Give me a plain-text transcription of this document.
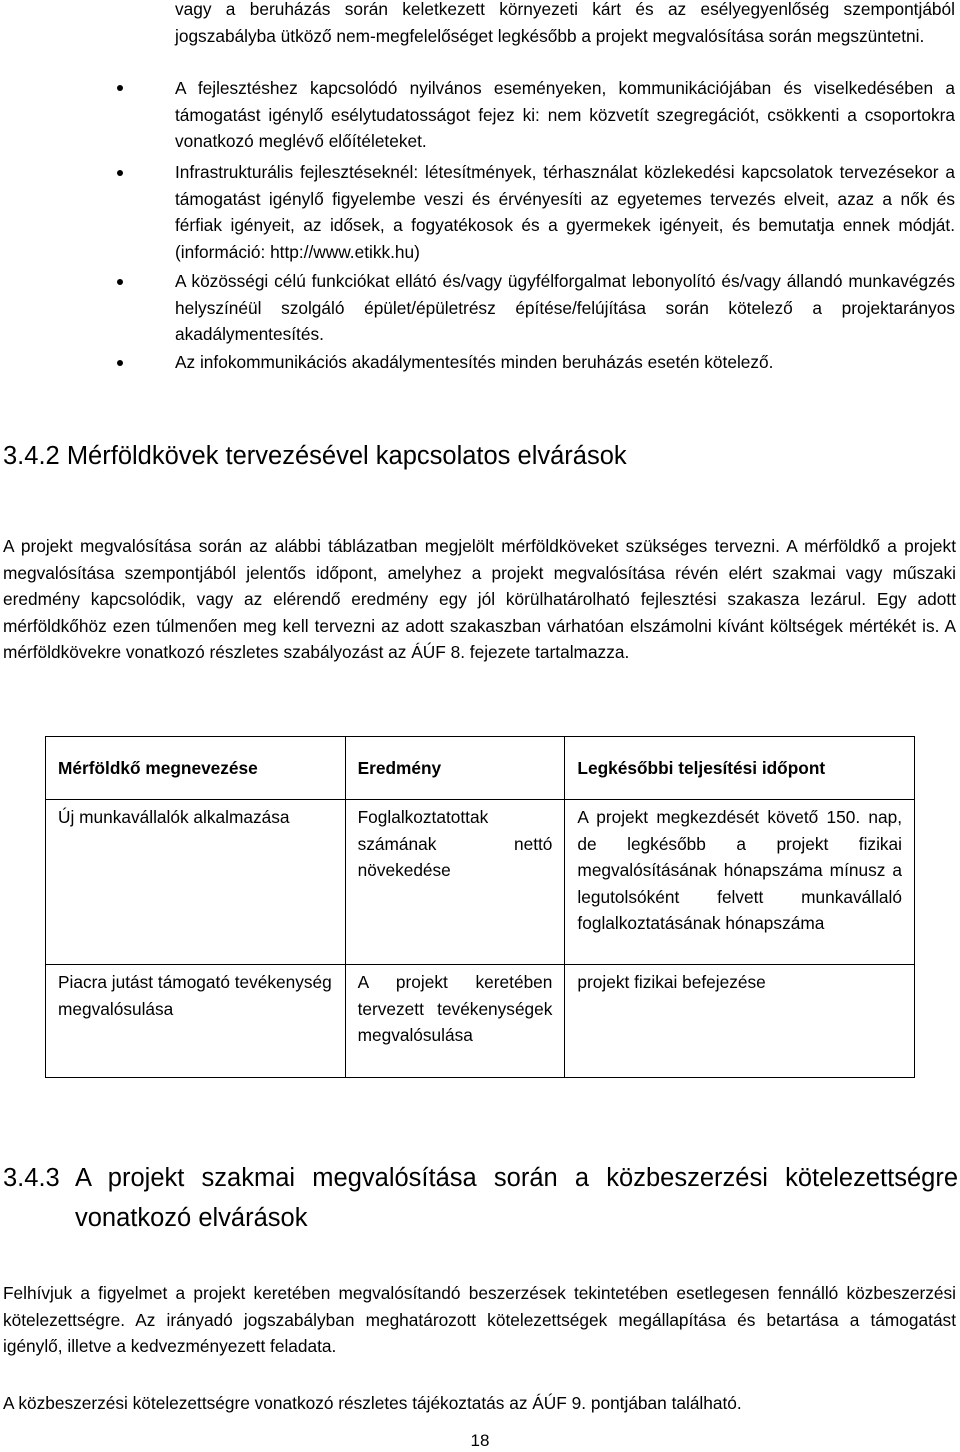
vagy a beruházás során keletkezett környezeti kárt és az esélyegyenlőség szempontjából jogszabályba ütköző nem-megfelelőséget legkésőbb a projekt megvalósítása során megszüntetni.
A fejlesztéshez kapcsolódó nyilvános eseményeken, kommunikációjában és viselkedésében a támogatást igénylő esélytudatosságot fejez ki: nem közvetít szegregációt, csökkenti a csoportokra vonatkozó meglévő előítéleteket.
Infrastrukturális fejlesztéseknél: létesítmények, térhasználat közlekedési kapcsolatok tervezésekor a támogatást igénylő figyelembe veszi és érvényesíti az egyetemes tervezés elveit, azaz a nők és férfiak igényeit, az idősek, a fogyatékosok és a gyermekek igényeit, és bemutatja ennek módját. (információ: http://www.etikk.hu)
A közösségi célú funkciókat ellátó és/vagy ügyfélforgalmat lebonyolító és/vagy állandó munkavégzés helyszínéül szolgáló épület/épületrész építése/felújítása során kötelező a projektarányos akadálymentesítés.
Az infokommunikációs akadálymentesítés minden beruházás esetén kötelező.
3.4.2 Mérföldkövek tervezésével kapcsolatos elvárások

A projekt megvalósítása során az alábbi táblázatban megjelölt mérföldköveket szükséges tervezni. A mérföldkő a projekt megvalósítása szempontjából jelentős időpont, amelyhez a projekt megvalósítása révén elért szakmai vagy műszaki eredmény kapcsolódik, vagy az elérendő eredmény egy jól körülhatárolható fejlesztési szakasza lezárul. Egy adott mérföldkőhöz ezen túlmenően meg kell tervezni az adott szakaszban várhatóan elszámolni kívánt költségek mértékét is. A mérföldkövekre vonatkozó részletes szabályozást az ÁÚF 8. fejezete tartalmazza.

Mérföldkő megnevezése	Eredmény	Legkésőbbi teljesítési időpont
Új munkavállalók alkalmazása	Foglalkoztatottak számának nettó növekedése	A projekt megkezdését követő 150. nap, de legkésőbb a projekt fizikai megvalósításának hónapszáma mínusz a legutolsóként felvett munkavállaló foglalkoztatásának hónapszáma
Piacra jutást támogató tevékenység megvalósulása	A projekt keretében tervezett tevékenységek megvalósulása	projekt fizikai befejezése
3.4.3 A projekt szakmai megvalósítása során a közbeszerzési kötelezettségre vonatkozó elvárások

Felhívjuk a figyelmet a projekt keretében megvalósítandó beszerzések tekintetében esetlegesen fennálló közbeszerzési kötelezettségre. Az irányadó jogszabályban meghatározott kötelezettségek megállapítása és betartása a támogatást igénylő, illetve a kedvezményezett feladata.

A közbeszerzési kötelezettségre vonatkozó részletes tájékoztatás az ÁÚF 9. pontjában található.

18
